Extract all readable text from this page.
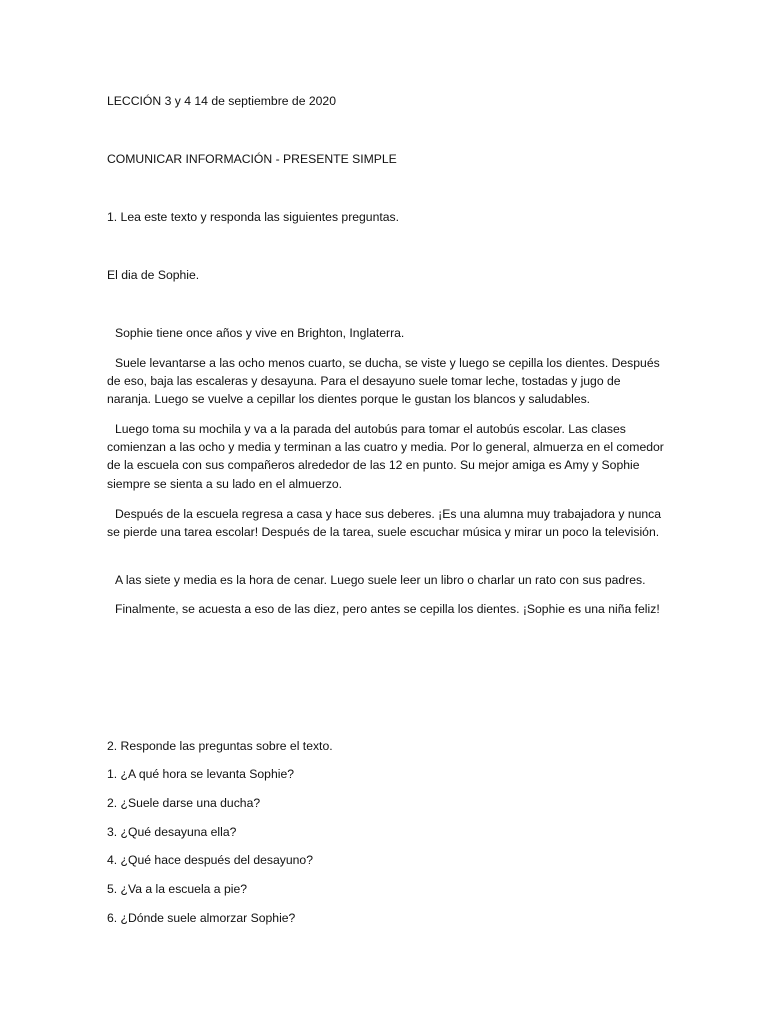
LECCIÓN 3 y 4 14 de septiembre de 2020
COMUNICAR INFORMACIÓN - PRESENTE SIMPLE
1. Lea este texto y responda las siguientes preguntas.
El dia de Sophie.

Sophie tiene once años y vive en Brighton, Inglaterra.

Suele levantarse a las ocho menos cuarto, se ducha, se viste y luego se cepilla los dientes. Después de eso, baja las escaleras y desayuna. Para el desayuno suele tomar leche, tostadas y jugo de naranja. Luego se vuelve a cepillar los dientes porque le gustan los blancos y saludables.

Luego toma su mochila y va a la parada del autobús para tomar el autobús escolar. Las clases comienzan a las ocho y media y terminan a las cuatro y media. Por lo general, almuerza en el comedor de la escuela con sus compañeros alrededor de las 12 en punto. Su mejor amiga es Amy y Sophie siempre se sienta a su lado en el almuerzo.

Después de la escuela regresa a casa y hace sus deberes. ¡Es una alumna muy trabajadora y nunca se pierde una tarea escolar! Después de la tarea, suele escuchar música y mirar un poco la televisión.

A las siete y media es la hora de cenar. Luego suele leer un libro o charlar un rato con sus padres.

Finalmente, se acuesta a eso de las diez, pero antes se cepilla los dientes. ¡Sophie es una niña feliz!

2. Responde las preguntas sobre el texto.
1. ¿A qué hora se levanta Sophie?
2. ¿Suele darse una ducha?
3. ¿Qué desayuna ella?
4. ¿Qué hace después del desayuno?
5. ¿Va a la escuela a pie?
6. ¿Dónde suele almorzar Sophie?
